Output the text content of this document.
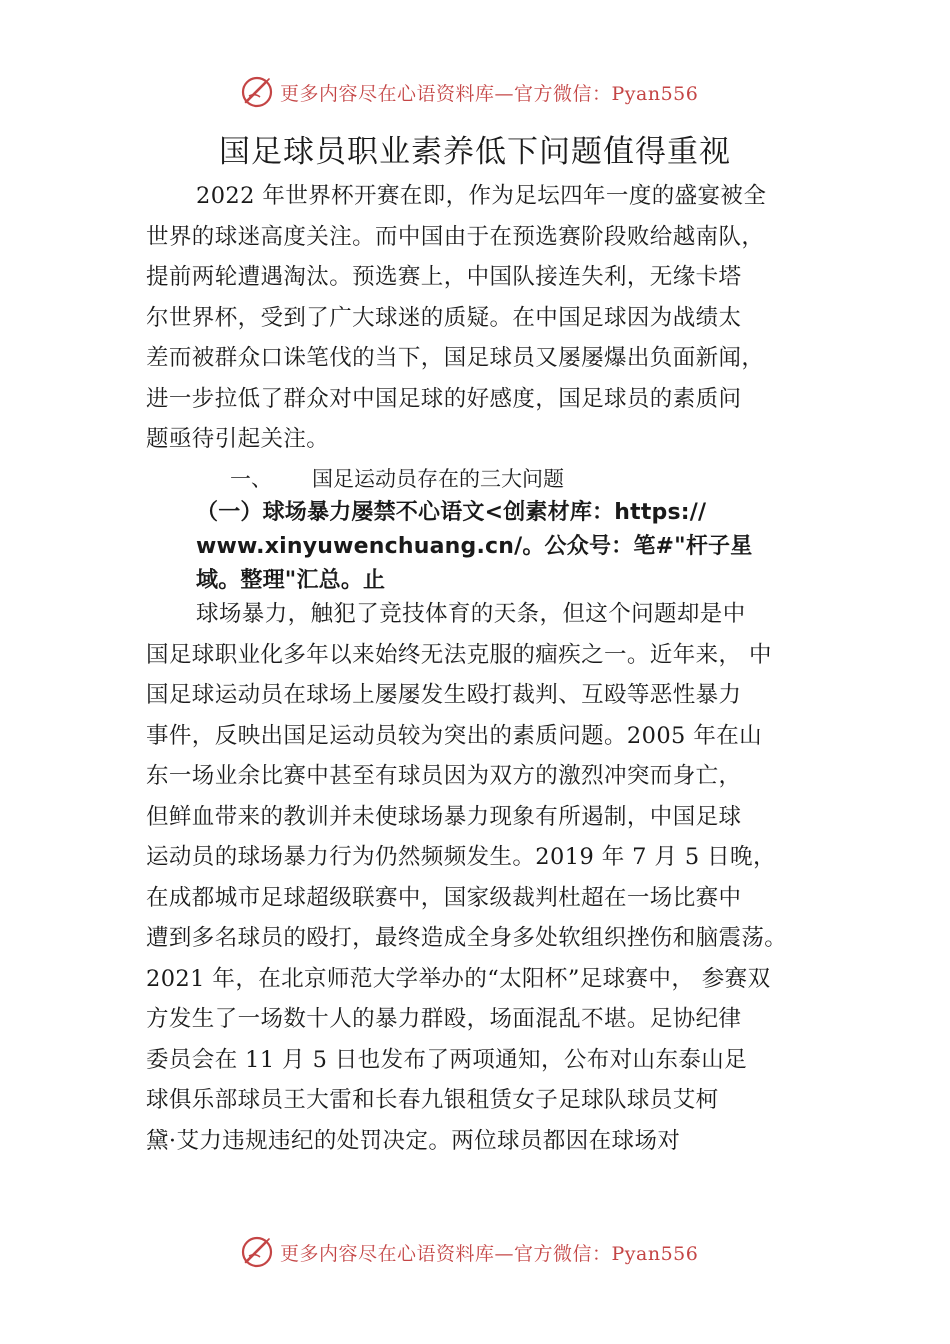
更多内容尽在心语资料库—官方微信：Pyan556
国足球员职业素养低下问题值得重视
2022 年世界杯开赛在即，作为足坛四年一度的盛宴被全
世界的球迷高度关注。而中国由于在预选赛阶段败给越南队，
提前两轮遭遇淘汰。预选赛上，中国队接连失利，无缘卡塔
尔世界杯，受到了广大球迷的质疑。在中国足球因为战绩太
差而被群众口诛笔伐的当下，国足球员又屡屡爆出负面新闻，
进一步拉低了群众对中国足球的好感度，国足球员的素质问
题亟待引起关注。
一、 国足运动员存在的三大问题
（一）球场暴力屡禁不心语文<创素材库：https://
www.xinyuwenchuang.cn/。公众号：笔#"杆子星
域。整理"汇总。止
球场暴力，触犯了竞技体育的天条，但这个问题却是中
国足球职业化多年以来始终无法克服的痼疾之一。近年来， 中
国足球运动员在球场上屡屡发生殴打裁判、互殴等恶性暴力
事件，反映出国足运动员较为突出的素质问题。2005 年在山
东一场业余比赛中甚至有球员因为双方的激烈冲突而身亡，
但鲜血带来的教训并未使球场暴力现象有所遏制，中国足球
运动员的球场暴力行为仍然频频发生。2019 年 7 月 5 日晚，
在成都城市足球超级联赛中，国家级裁判杜超在一场比赛中
遭到多名球员的殴打，最终造成全身多处软组织挫伤和脑震荡。
2021 年，在北京师范大学举办的“太阳杯”足球赛中， 参赛双
方发生了一场数十人的暴力群殴，场面混乱不堪。足协纪律
委员会在 11 月 5 日也发布了两项通知，公布对山东泰山足
球俱乐部球员王大雷和长春九银租赁女子足球队球员艾柯
黛·艾力违规违纪的处罚决定。两位球员都因在球场对
更多内容尽在心语资料库—官方微信：Pyan556
